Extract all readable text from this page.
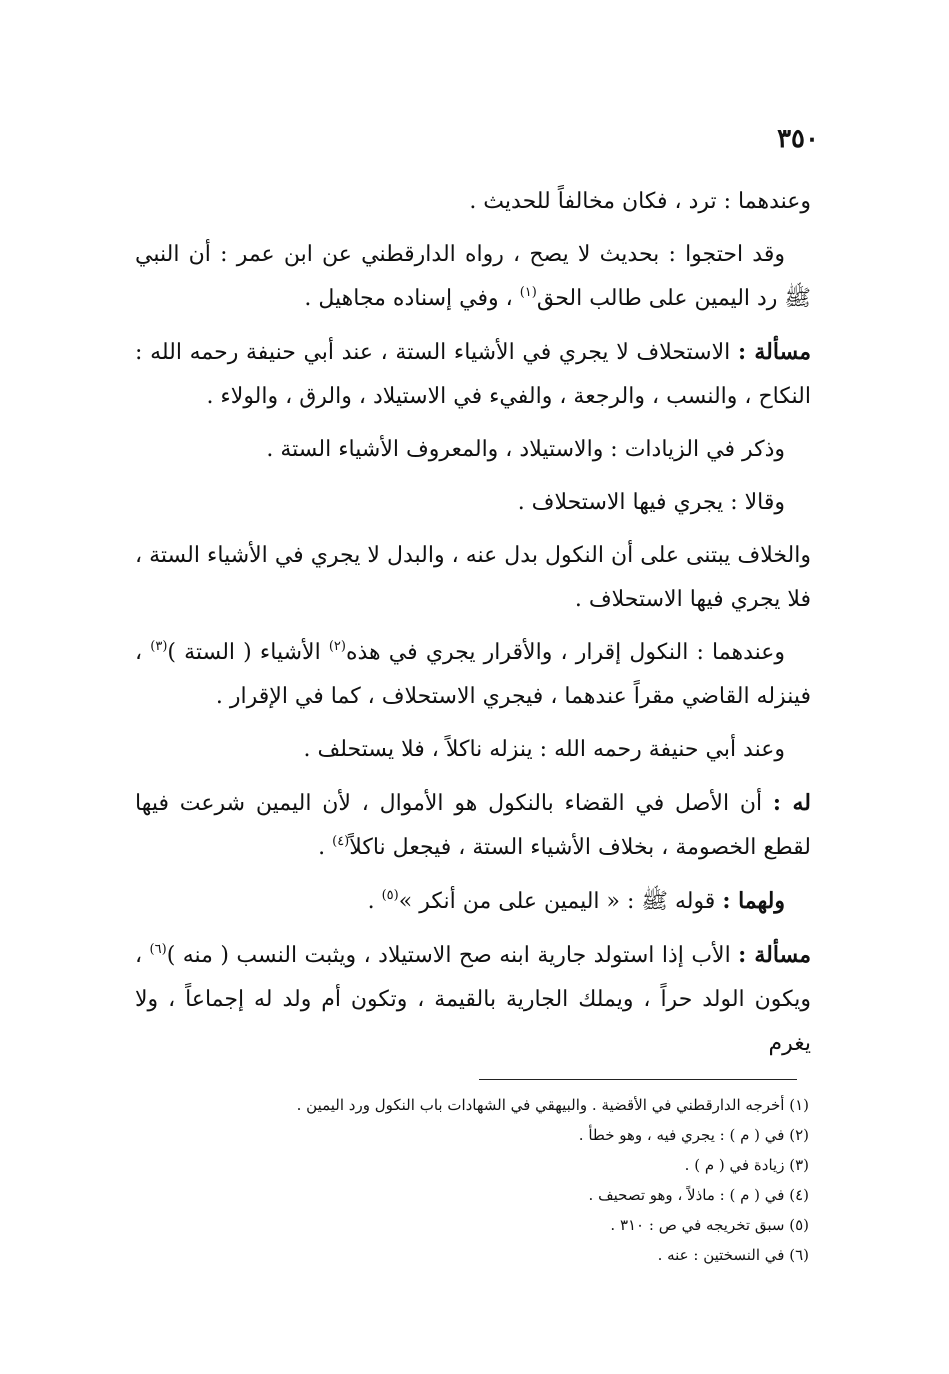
٣٥٠

وعندهما : ترد ، فكان مخالفاً للحديث .

وقد احتجوا : بحديث لا يصح ، رواه الدارقطني عن ابن عمر : أن النبي ﷺ رد اليمين على طالب الحق$^{(١)}$ ، وفي إسناده مجاهيل .

مسألة : الاستحلاف لا يجري في الأشياء الستة ، عند أبي حنيفة رحمه الله : النكاح ، والنسب ، والرجعة ، والفيء في الاستيلاد ، والرق ، والولاء .

وذكر في الزيادات : والاستيلاد ، والمعروف الأشياء الستة .

وقالا : يجري فيها الاستحلاف .

والخلاف يبتنى على أن النكول بدل عنه ، والبدل لا يجري في الأشياء الستة ، فلا يجري فيها الاستحلاف .

وعندهما : النكول إقرار ، والأقرار يجري في هذه$^{(٢)}$ الأشياء ( الستة )$^{(٣)}$ ، فينزله القاضي مقراً عندهما ، فيجري الاستحلاف ، كما في الإقرار .

وعند أبي حنيفة رحمه الله : ينزله ناكلاً ، فلا يستحلف .

له : أن الأصل في القضاء بالنكول هو الأموال ، لأن اليمين شرعت فيها لقطع الخصومة ، بخلاف الأشياء الستة ، فيجعل ناكلاً$^{(٤)}$ .

ولهما : قوله ﷺ : « اليمين على من أنكر »$^{(٥)}$ .

مسألة : الأب إذا استولد جارية ابنه صح الاستيلاد ، ويثبت النسب ( منه )$^{(٦)}$ ، ويكون الولد حراً ، ويملك الجارية بالقيمة ، وتكون أم ولد له إجماعاً ، ولا يغرم

(١) أخرجه الدارقطني في الأقضية . والبيهقي في الشهادات باب النكول ورد اليمين .

(٢) في ( م ) : يجري فيه ، وهو خطأ .

(٣) زيادة في ( م ) .

(٤) في ( م ) : ماذلاً ، وهو تصحيف .

(٥) سبق تخريجه في ص : ٣١٠ .

(٦) في النسختين : عنه .
